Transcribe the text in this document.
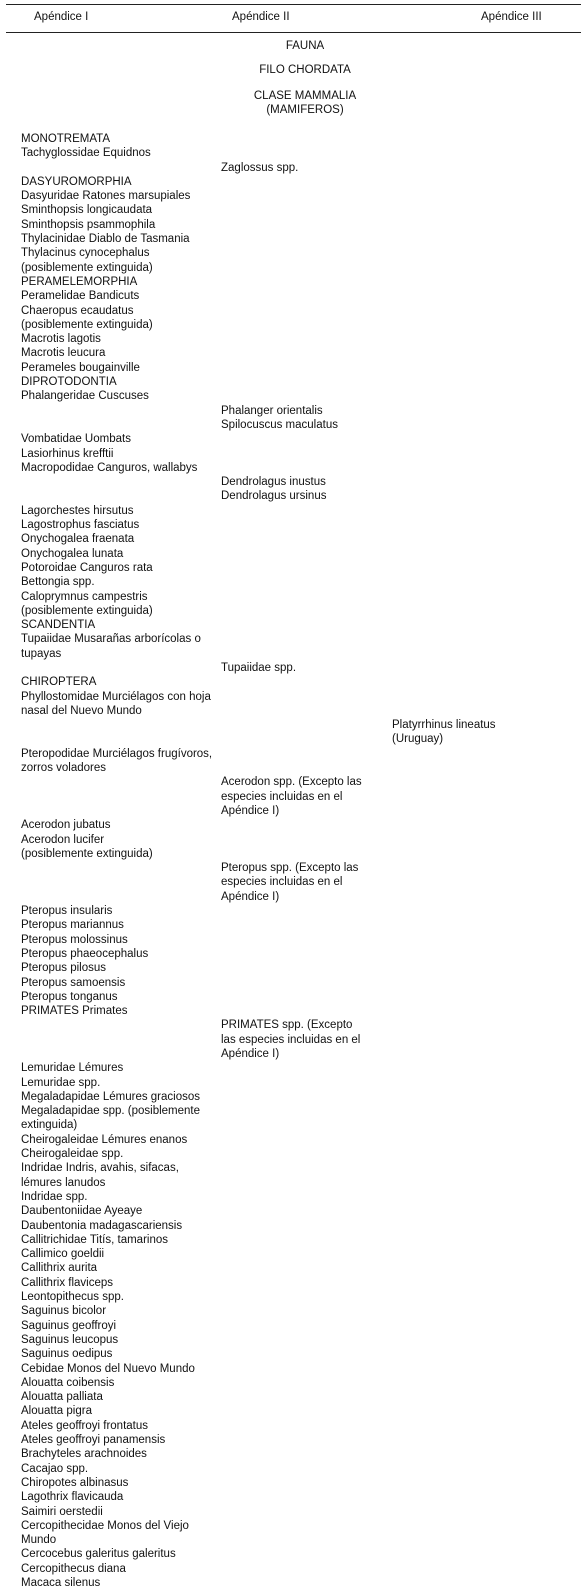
Apéndice I	Apéndice II	Apéndice III
FAUNA
FILO CHORDATA
CLASE MAMMALIA
(MAMIFEROS)
MONOTREMATA
Tachyglossidae Equidnos
Zaglossus spp.
DASYUROMORPHIA
Dasyuridae Ratones marsupiales
Sminthopsis longicaudata
Sminthopsis psammophila
Thylacinidae Diablo de Tasmania
Thylacinus cynocephalus
(posiblemente extinguida)
PERAMELEMORPHIA
Peramelidae Bandicuts
Chaeropus ecaudatus
(posiblemente extinguida)
Macrotis lagotis
Macrotis leucura
Perameles bougainville
DIPROTODONTIA
Phalangeridae Cuscuses
Phalanger orientalis
Spilocuscus maculatus
Vombatidae Uombats
Lasiorhinus krefftii
Macropodidae Canguros, wallabys
Dendrolagus inustus
Dendrolagus ursinus
Lagorchestes hirsutus
Lagostrophus fasciatus
Onychogalea fraenata
Onychogalea lunata
Potoroidae Canguros rata
Bettongia spp.
Caloprymnus campestris (posiblemente extinguida)
SCANDENTIA
Tupaiidae Musarañas arborícolas o tupayas
Tupaiidae spp.
CHIROPTERA
Phyllostomidae Murciélagos con hoja nasal del Nuevo Mundo
Platyrrhinus lineatus
(Uruguay)
Pteropodidae Murciélagos frugívoros, zorros voladores
Acerodon spp. (Excepto las
especies incluidas en el
Apéndice I)
Acerodon jubatus
Acerodon lucifer
(posiblemente extinguida)
Pteropus spp. (Excepto las
especies incluidas en el
Apéndice I)
Pteropus insularis
Pteropus mariannus
Pteropus molossinus
Pteropus phaeocephalus
Pteropus pilosus
Pteropus samoensis
Pteropus tonganus
PRIMATES Primates
PRIMATES spp. (Excepto
las especies incluidas en el
Apéndice I)
Lemuridae Lémures
Lemuridae spp.
Megaladapidae Lémures graciosos
Megaladapidae spp. (posiblemente extinguida)
Cheirogaleidae Lémures enanos
Cheirogaleidae spp.
Indridae Indris, avahis, sifacas, lémures lanudos
Indridae spp.
Daubentoniidae Ayeaye
Daubentonia madagascariensis
Callitrichidae Titís, tamarinos
Callimico goeldii
Callithrix aurita
Callithrix flaviceps
Leontopithecus spp.
Saguinus bicolor
Saguinus geoffroyi
Saguinus leucopus
Saguinus oedipus
Cebidae Monos del Nuevo Mundo
Alouatta coibensis
Alouatta palliata
Alouatta pigra
Ateles geoffroyi frontatus
Ateles geoffroyi panamensis
Brachyteles arachnoides
Cacajao spp.
Chiropotes albinasus
Lagothrix flavicauda
Saimiri oerstedii
Cercopithecidae Monos del Viejo Mundo
Cercocebus galeritus galeritus
Cercopithecus diana
Macaca silenus
